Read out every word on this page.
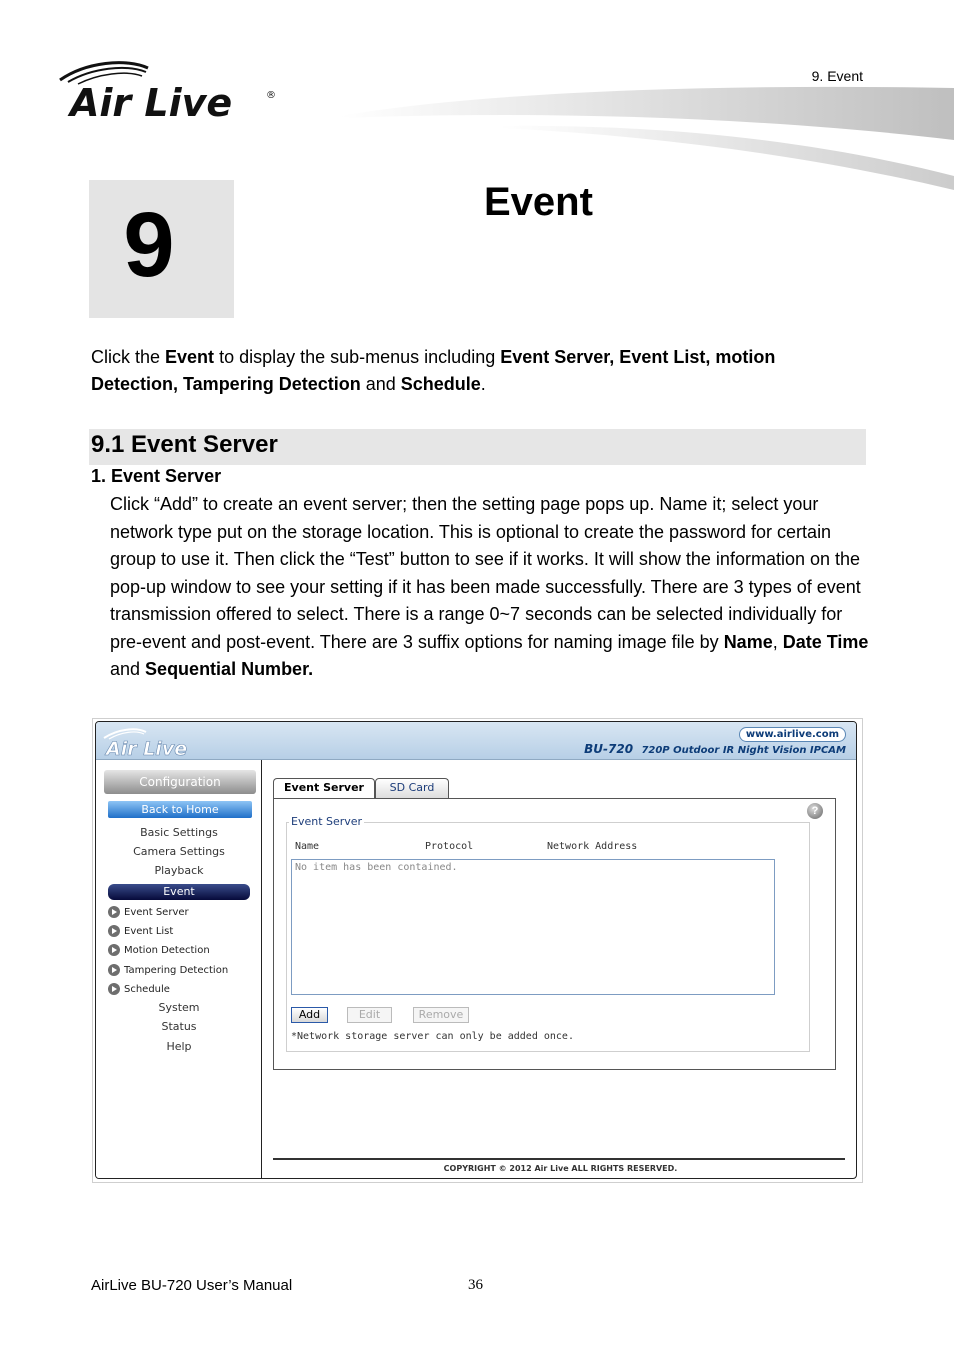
Air Live	®
9. Event
9	Event

Click the Event to display the sub-menus including Event Server, Event List, motion Detection, Tampering Detection and Schedule.

9.1 Event Server
1. Event Server

Click “Add” to create an event server; then the setting page pops up. Name it; select your network type put on the storage location. This is optional to create the password for certain group to use it. Then click the “Test” button to see if it works. It will show the information on the pop-up window to see your setting if it has been made successfully. There are 3 types of event transmission offered to select. There is a range 0~7 seconds can be selected individually for pre-event and post-event. There are 3 suffix options for naming image file by Name, Date Time and Sequential Number.

Air Live
www.airlive.com
BU-720 720P Outdoor IR Night Vision IPCAM
Configuration
Back to Home
Basic Settings
Camera Settings
Playback
Event
Event Server
Event List
Motion Detection
Tampering Detection
Schedule
System
Status
Help
Event Server	SD Card
?
Event Server
Name	Protocol	Network Address
No item has been contained.
Add	Edit	Remove
*Network storage server can only be added once.
COPYRIGHT © 2012 Air Live ALL RIGHTS RESERVED.
AirLive BU-720 User’s Manual	36
